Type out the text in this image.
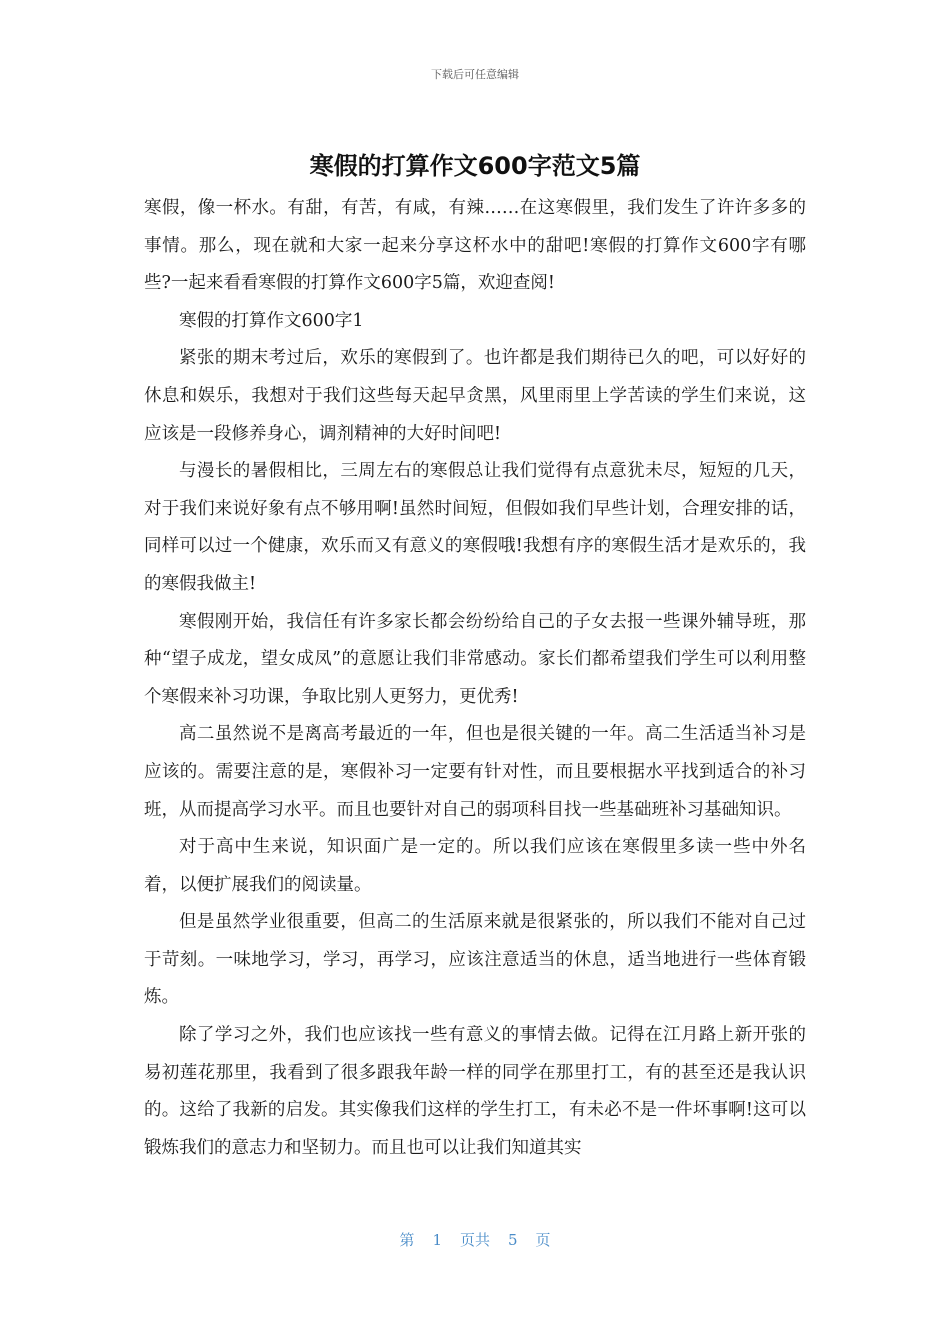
下载后可任意编辑
寒假的打算作文600字范文5篇

寒假，像一杯水。有甜，有苦，有咸，有辣……在这寒假里，我们发生了许许多多的事情。那么，现在就和大家一起来分享这杯水中的甜吧!寒假的打算作文600字有哪些?一起来看看寒假的打算作文600字5篇，欢迎查阅!

寒假的打算作文600字1

紧张的期末考过后，欢乐的寒假到了。也许都是我们期待已久的吧，可以好好的休息和娱乐，我想对于我们这些每天起早贪黑，风里雨里上学苦读的学生们来说，这应该是一段修养身心，调剂精神的大好时间吧!

与漫长的暑假相比，三周左右的寒假总让我们觉得有点意犹未尽，短短的几天，对于我们来说好象有点不够用啊!虽然时间短，但假如我们早些计划，合理安排的话，同样可以过一个健康，欢乐而又有意义的寒假哦!我想有序的寒假生活才是欢乐的，我的寒假我做主!

寒假刚开始，我信任有许多家长都会纷纷给自己的子女去报一些课外辅导班，那种“望子成龙，望女成凤”的意愿让我们非常感动。家长们都希望我们学生可以利用整个寒假来补习功课，争取比别人更努力，更优秀!

高二虽然说不是离高考最近的一年，但也是很关键的一年。高二生活适当补习是应该的。需要注意的是，寒假补习一定要有针对性，而且要根据水平找到适合的补习班，从而提高学习水平。而且也要针对自己的弱项科目找一些基础班补习基础知识。

对于高中生来说，知识面广是一定的。所以我们应该在寒假里多读一些中外名着，以便扩展我们的阅读量。

但是虽然学业很重要，但高二的生活原来就是很紧张的，所以我们不能对自己过于苛刻。一味地学习，学习，再学习，应该注意适当的休息，适当地进行一些体育锻炼。

除了学习之外，我们也应该找一些有意义的事情去做。记得在江月路上新开张的易初莲花那里，我看到了很多跟我年龄一样的同学在那里打工，有的甚至还是我认识的。这给了我新的启发。其实像我们这样的学生打工，有未必不是一件坏事啊!这可以锻炼我们的意志力和坚韧力。而且也可以让我们知道其实

第 1 页共 5 页
